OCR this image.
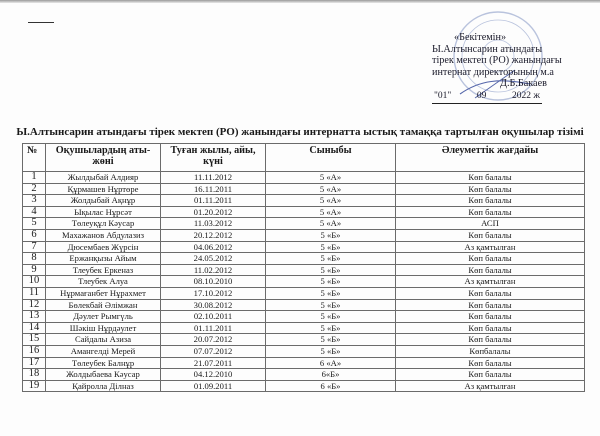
«Бекітемін»
Ы.Алтынсарин атындағы
тірек мектеп (РО) жанындағы
интернат директорының м.а
Д.Б.Бакаев
"01"	09	2022 ж
Ы.Алтынсарин атындағы тірек мектеп (РО) жанындағы интернатта ыстық тамаққа тартылған оқушылар тізімі
№	Оқушылардың аты-жөні	Туған жылы, айы, күні	Сыныбы	Әлеуметтік жағдайы
1	Жылдыбай Алдияр	11.11.2012	5 «А»	Көп балалы
2	Құрмашев Нұртөре	16.11.2011	5 «А»	Көп балалы
3	Жолдыбай Ақнұр	01.11.2011	5 «А»	Көп балалы
4	Ықылас Нұрсәт	01.20.2012	5 «А»	Көп балалы
5	Төлеуқұл Кәусар	11.03.2012	5 «А»	АСП
6	Махажанов Абдулазиз	20.12.2012	5 «Б»	Көп балалы
7	Дюсембаев Жүрсін	04.06.2012	5 «Б»	Аз қамтылған
8	Ержанқызы Айым	24.05.2012	5 «Б»	Көп балалы
9	Тлеубек Еркеназ	11.02.2012	5 «Б»	Көп балалы
10	Тлеубек Алуа	08.10.2010	5 «Б»	Аз қамтылған
11	Нұрмағанбет Нұрахмет	17.10.2012	5 «Б»	Көп балалы
12	Бөлекбай Әлімжан	30.08.2012	5 «Б»	Көп балалы
13	Дәулет Рымгүль	02.10.2011	5 «Б»	Көп балалы
14	Шәкіш Нұрдәулет	01.11.2011	5 «Б»	Көп балалы
15	Сайдалы Азиза	20.07.2012	5 «Б»	Көп балалы
16	Амангелді Мерей	07.07.2012	5 «Б»	Көпбалалы
17	Төлеубек Балнұр	21.07.2011	6 «А»	Көп балалы
18	Жолдыбаева Кәусар	04.12.2010	6«Б»	Көп балалы
19	Қайролла Ділназ	01.09.2011	6 «Б»	Аз қамтылған
